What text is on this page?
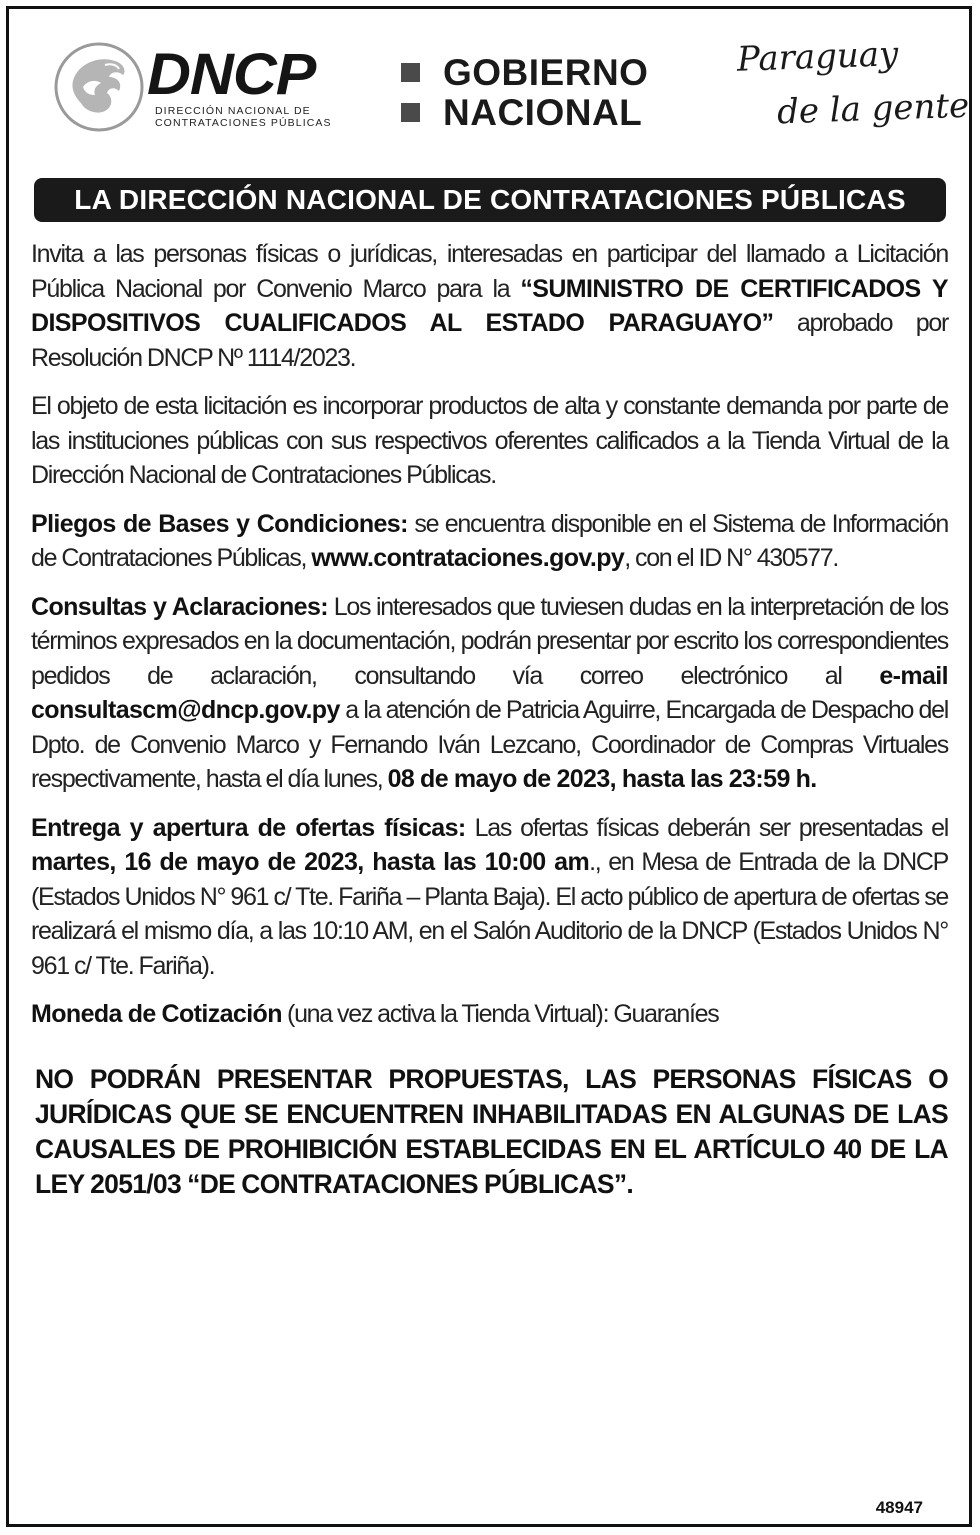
DNCP
DIRECCIÓN NACIONAL DE
CONTRATACIONES PÚBLICAS
GOBIERNO
NACIONAL
Paraguay
de la gente
LA DIRECCIÓN NACIONAL DE CONTRATACIONES PÚBLICAS

Invita a las personas físicas o jurídicas, interesadas en participar del llamado a Licitación Pública Nacional por Convenio Marco para la “SUMINISTRO DE CERTIFICADOS Y DISPOSITIVOS CUALIFICADOS AL ESTADO PARAGUAYO” aprobado por Resolución DNCP Nº 1114/2023.

El objeto de esta licitación es incorporar productos de alta y constante demanda por parte de las instituciones públicas con sus respectivos oferentes calificados a la Tienda Virtual de la Dirección Nacional de Contrataciones Públicas.

Pliegos de Bases y Condiciones: se encuentra disponible en el Sistema de Información de Contrataciones Públicas, www.contrataciones.gov.py, con el ID N° 430577.

Consultas y Aclaraciones: Los interesados que tuviesen dudas en la interpretación de los términos expresados en la documentación, podrán presentar por escrito los correspondientes pedidos de aclaración, consultando vía correo electrónico al e-mail consultascm@dncp.gov.py a la atención de Patricia Aguirre, Encargada de Despacho del Dpto. de Convenio Marco y Fernando Iván Lezcano, Coordinador de Compras Virtuales respectivamente, hasta el día lunes, 08 de mayo de 2023, hasta las 23:59 h.

Entrega y apertura de ofertas físicas: Las ofertas físicas deberán ser presentadas el martes, 16 de mayo de 2023, hasta las 10:00 am., en Mesa de Entrada de la DNCP (Estados Unidos N° 961 c/ Tte. Fariña – Planta Baja). El acto público de apertura de ofertas se realizará el mismo día, a las 10:10 AM, en el Salón Auditorio de la DNCP (Estados Unidos N° 961 c/ Tte. Fariña).

Moneda de Cotización (una vez activa la Tienda Virtual): Guaraníes

NO PODRÁN PRESENTAR PROPUESTAS, LAS PERSONAS FÍSICAS O JURÍDICAS QUE SE ENCUENTREN INHABILITADAS EN ALGUNAS DE LAS CAUSALES DE PROHIBICIÓN ESTABLECIDAS EN EL ARTÍCULO 40 DE LA LEY 2051/03 “DE CONTRATACIONES PÚBLICAS”.

48947
